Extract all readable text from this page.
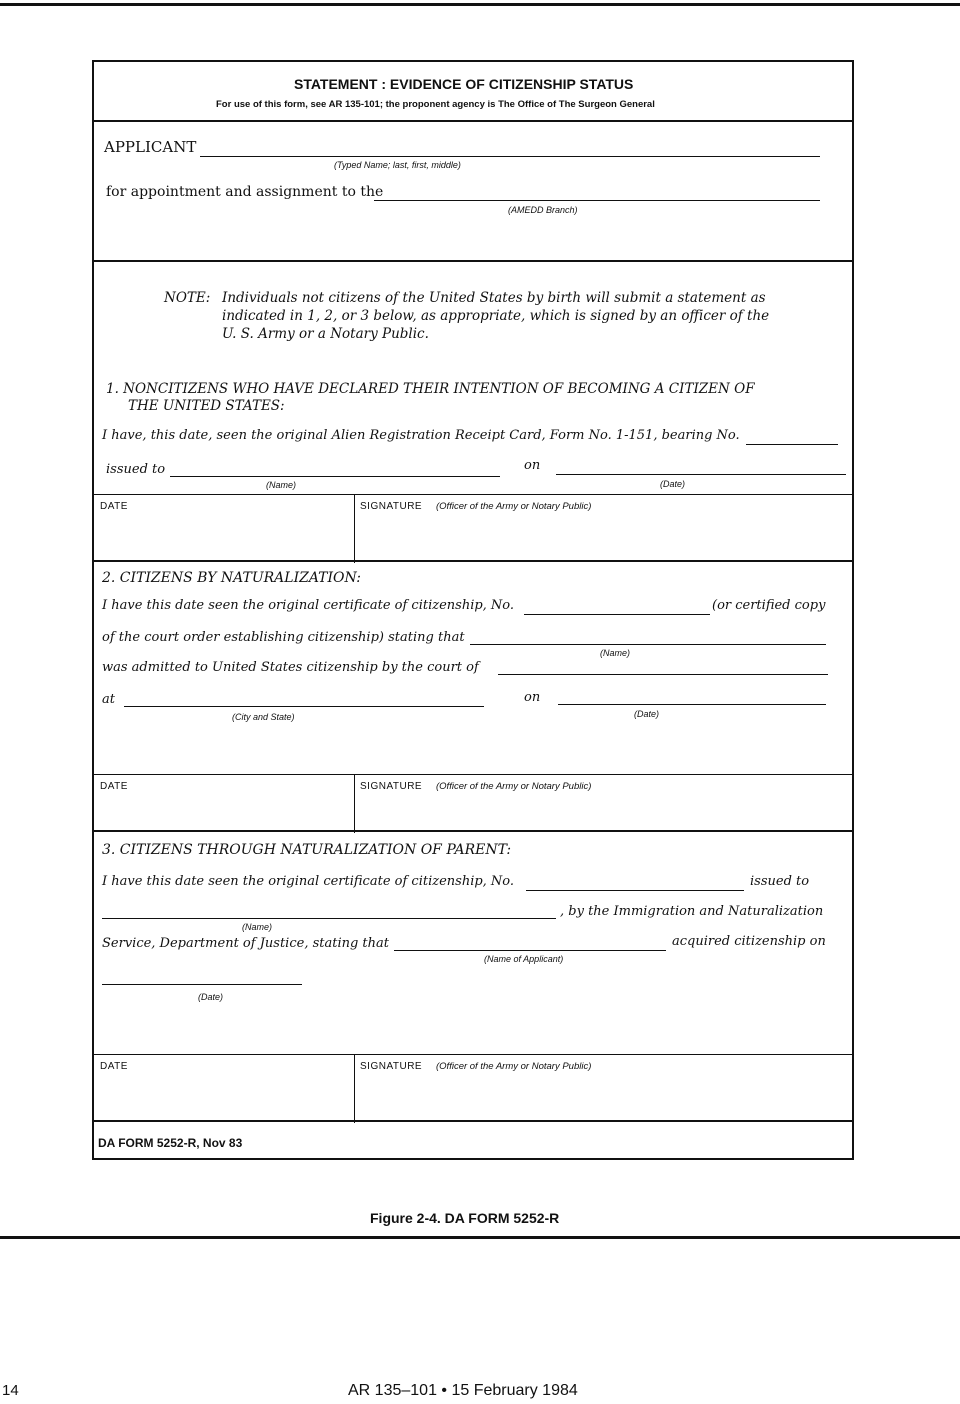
STATEMENT : EVIDENCE OF CITIZENSHIP STATUS
For use of this form, see AR 135-101; the proponent agency is The Office of The Surgeon General
APPLICANT
(Typed Name; last, first, middle)
for appointment and assignment to the
(AMEDD Branch)
NOTE: Individuals not citizens of the United States by birth will submit a statement as
indicated in 1, 2, or 3 below, as appropriate, which is signed by an officer of the
U. S. Army or a Notary Public.
1. NONCITIZENS WHO HAVE DECLARED THEIR INTENTION OF BECOMING A CITIZEN OF
THE UNITED STATES:
I have, this date, seen the original Alien Registration Receipt Card, Form No. 1-151, bearing No.
issued to
(Name)
on
(Date)
DATE	SIGNATURE (Officer of the Army or Notary Public)
2. CITIZENS BY NATURALIZATION:
I have this date seen the original certificate of citizenship, No.	(or certified copy
of the court order establishing citizenship) stating that
(Name)
was admitted to United States citizenship by the court of
at
(City and State)
on
(Date)
DATE	SIGNATURE (Officer of the Army or Notary Public)
3. CITIZENS THROUGH NATURALIZATION OF PARENT:
I have this date seen the original certificate of citizenship, No.	issued to
(Name)
, by the Immigration and Naturalization
Service, Department of Justice, stating that
(Name of Applicant)
acquired citizenship on
(Date)
DATE	SIGNATURE (Officer of the Army or Notary Public)
DA FORM 5252-R, Nov 83
Figure 2-4. DA FORM 5252-R
14	AR 135–101 • 15 February 1984
